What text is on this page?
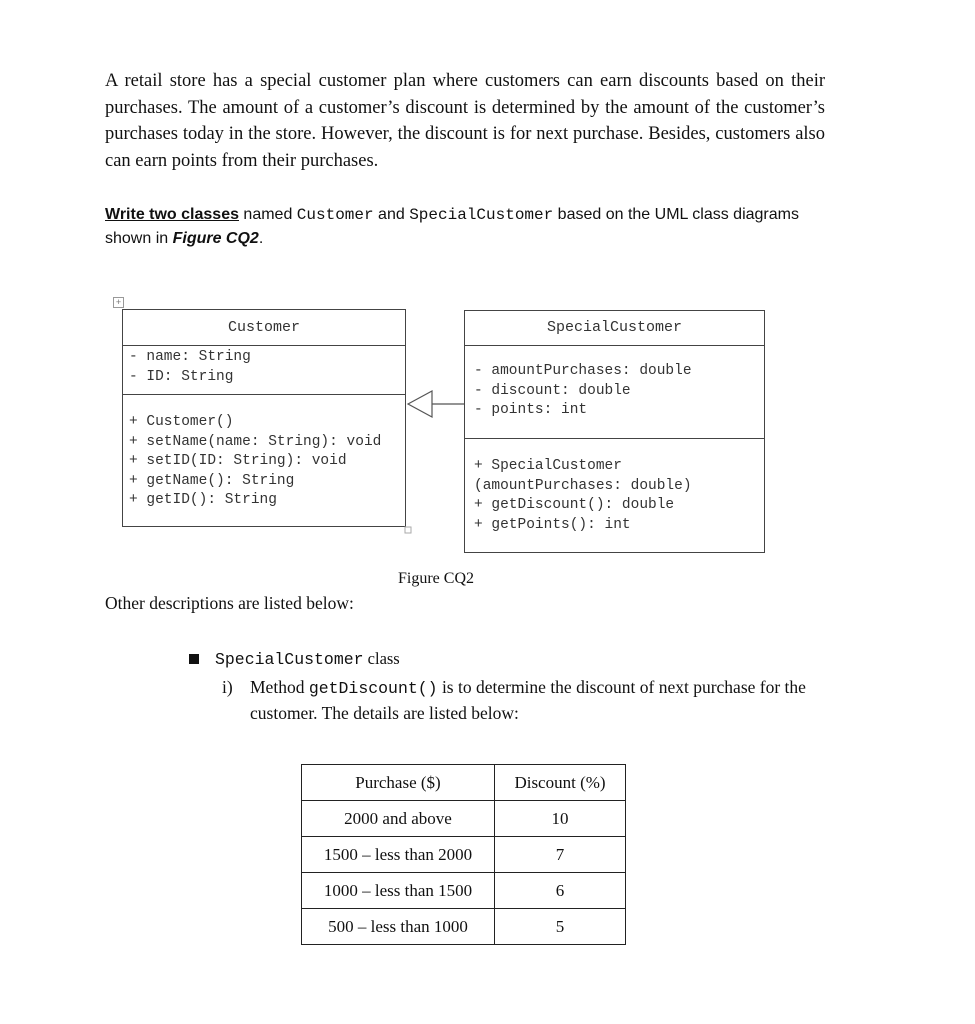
A retail store has a special customer plan where customers can earn discounts based on their purchases. The amount of a customer’s discount is determined by the amount of the customer’s purchases today in the store. However, the discount is for next purchase. Besides, customers also can earn points from their purchases.
Write two classes named Customer and SpecialCustomer based on the UML class diagrams shown in Figure CQ2.
+
Customer
- name: String
- ID: String
+ Customer()
+ setName(name: String): void
+ setID(ID: String): void
+ getName(): String
+ getID(): String
SpecialCustomer
- amountPurchases: double
- discount: double
- points: int
+ SpecialCustomer
(amountPurchases: double)
+ getDiscount(): double
+ getPoints(): int
Figure CQ2
Other descriptions are listed below:
SpecialCustomer class
i) Method getDiscount() is to determine the discount of next purchase for the customer. The details are listed below:
Purchase ($)	Discount (%)
2000 and above	10
1500 – less than 2000	7
1000 – less than 1500	6
500 – less than 1000	5
